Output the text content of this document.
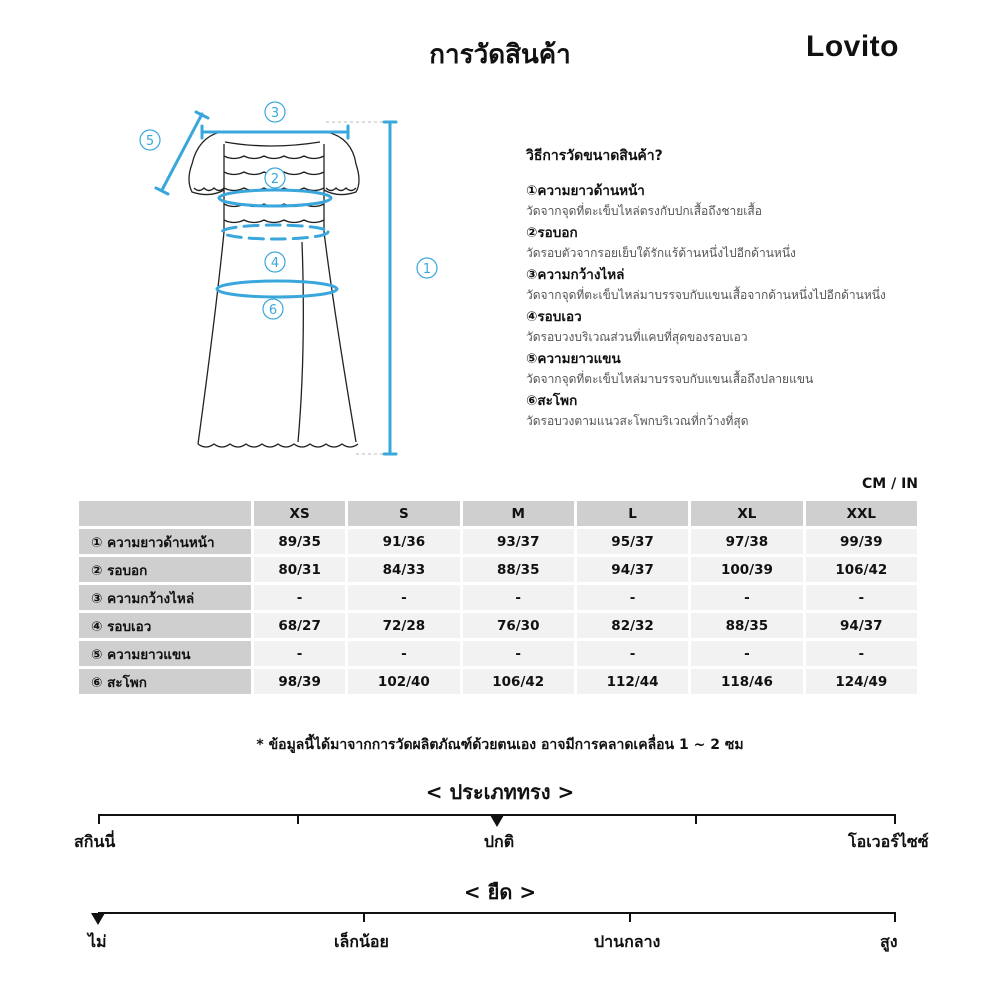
การวัดสินค้า	Lovito
3
5
2
4
6
1
วิธีการวัดขนาดสินค้า?
①ความยาวด้านหน้า
วัดจากจุดที่ตะเข็บไหล่ตรงกับปกเสื้อถึงชายเสื้อ
②รอบอก
วัดรอบตัวจากรอยเย็บใต้รักแร้ด้านหนึ่งไปอีกด้านหนึ่ง
③ความกว้างไหล่
วัดจากจุดที่ตะเข็บไหล่มาบรรจบกับแขนเสื้อจากด้านหนึ่งไปอีกด้านหนึ่ง
④รอบเอว
วัดรอบวงบริเวณส่วนที่แคบที่สุดของรอบเอว
⑤ความยาวแขน
วัดจากจุดที่ตะเข็บไหล่มาบรรจบกับแขนเสื้อถึงปลายแขน
⑥สะโพก
วัดรอบวงตามแนวสะโพกบริเวณที่กว้างที่สุด
CM / IN
	XS	S	M	L	XL	XXL
① ความยาวด้านหน้า	89/35	91/36	93/37	95/37	97/38	99/39
② รอบอก	80/31	84/33	88/35	94/37	100/39	106/42
③ ความกว้างไหล่	-	-	-	-	-	-
④ รอบเอว	68/27	72/28	76/30	82/32	88/35	94/37
⑤ ความยาวแขน	-	-	-	-	-	-
⑥ สะโพก	98/39	102/40	106/42	112/44	118/46	124/49
* ข้อมูลนี้ได้มาจากการวัดผลิตภัณฑ์ด้วยตนเอง อาจมีการคลาดเคลื่อน 1 ~ 2 ซม
< ประเภททรง >
สกินนี่	ปกติ	โอเวอร์ไซซ์
< ยืด >
ไม่	เล็กน้อย	ปานกลาง	สูง
